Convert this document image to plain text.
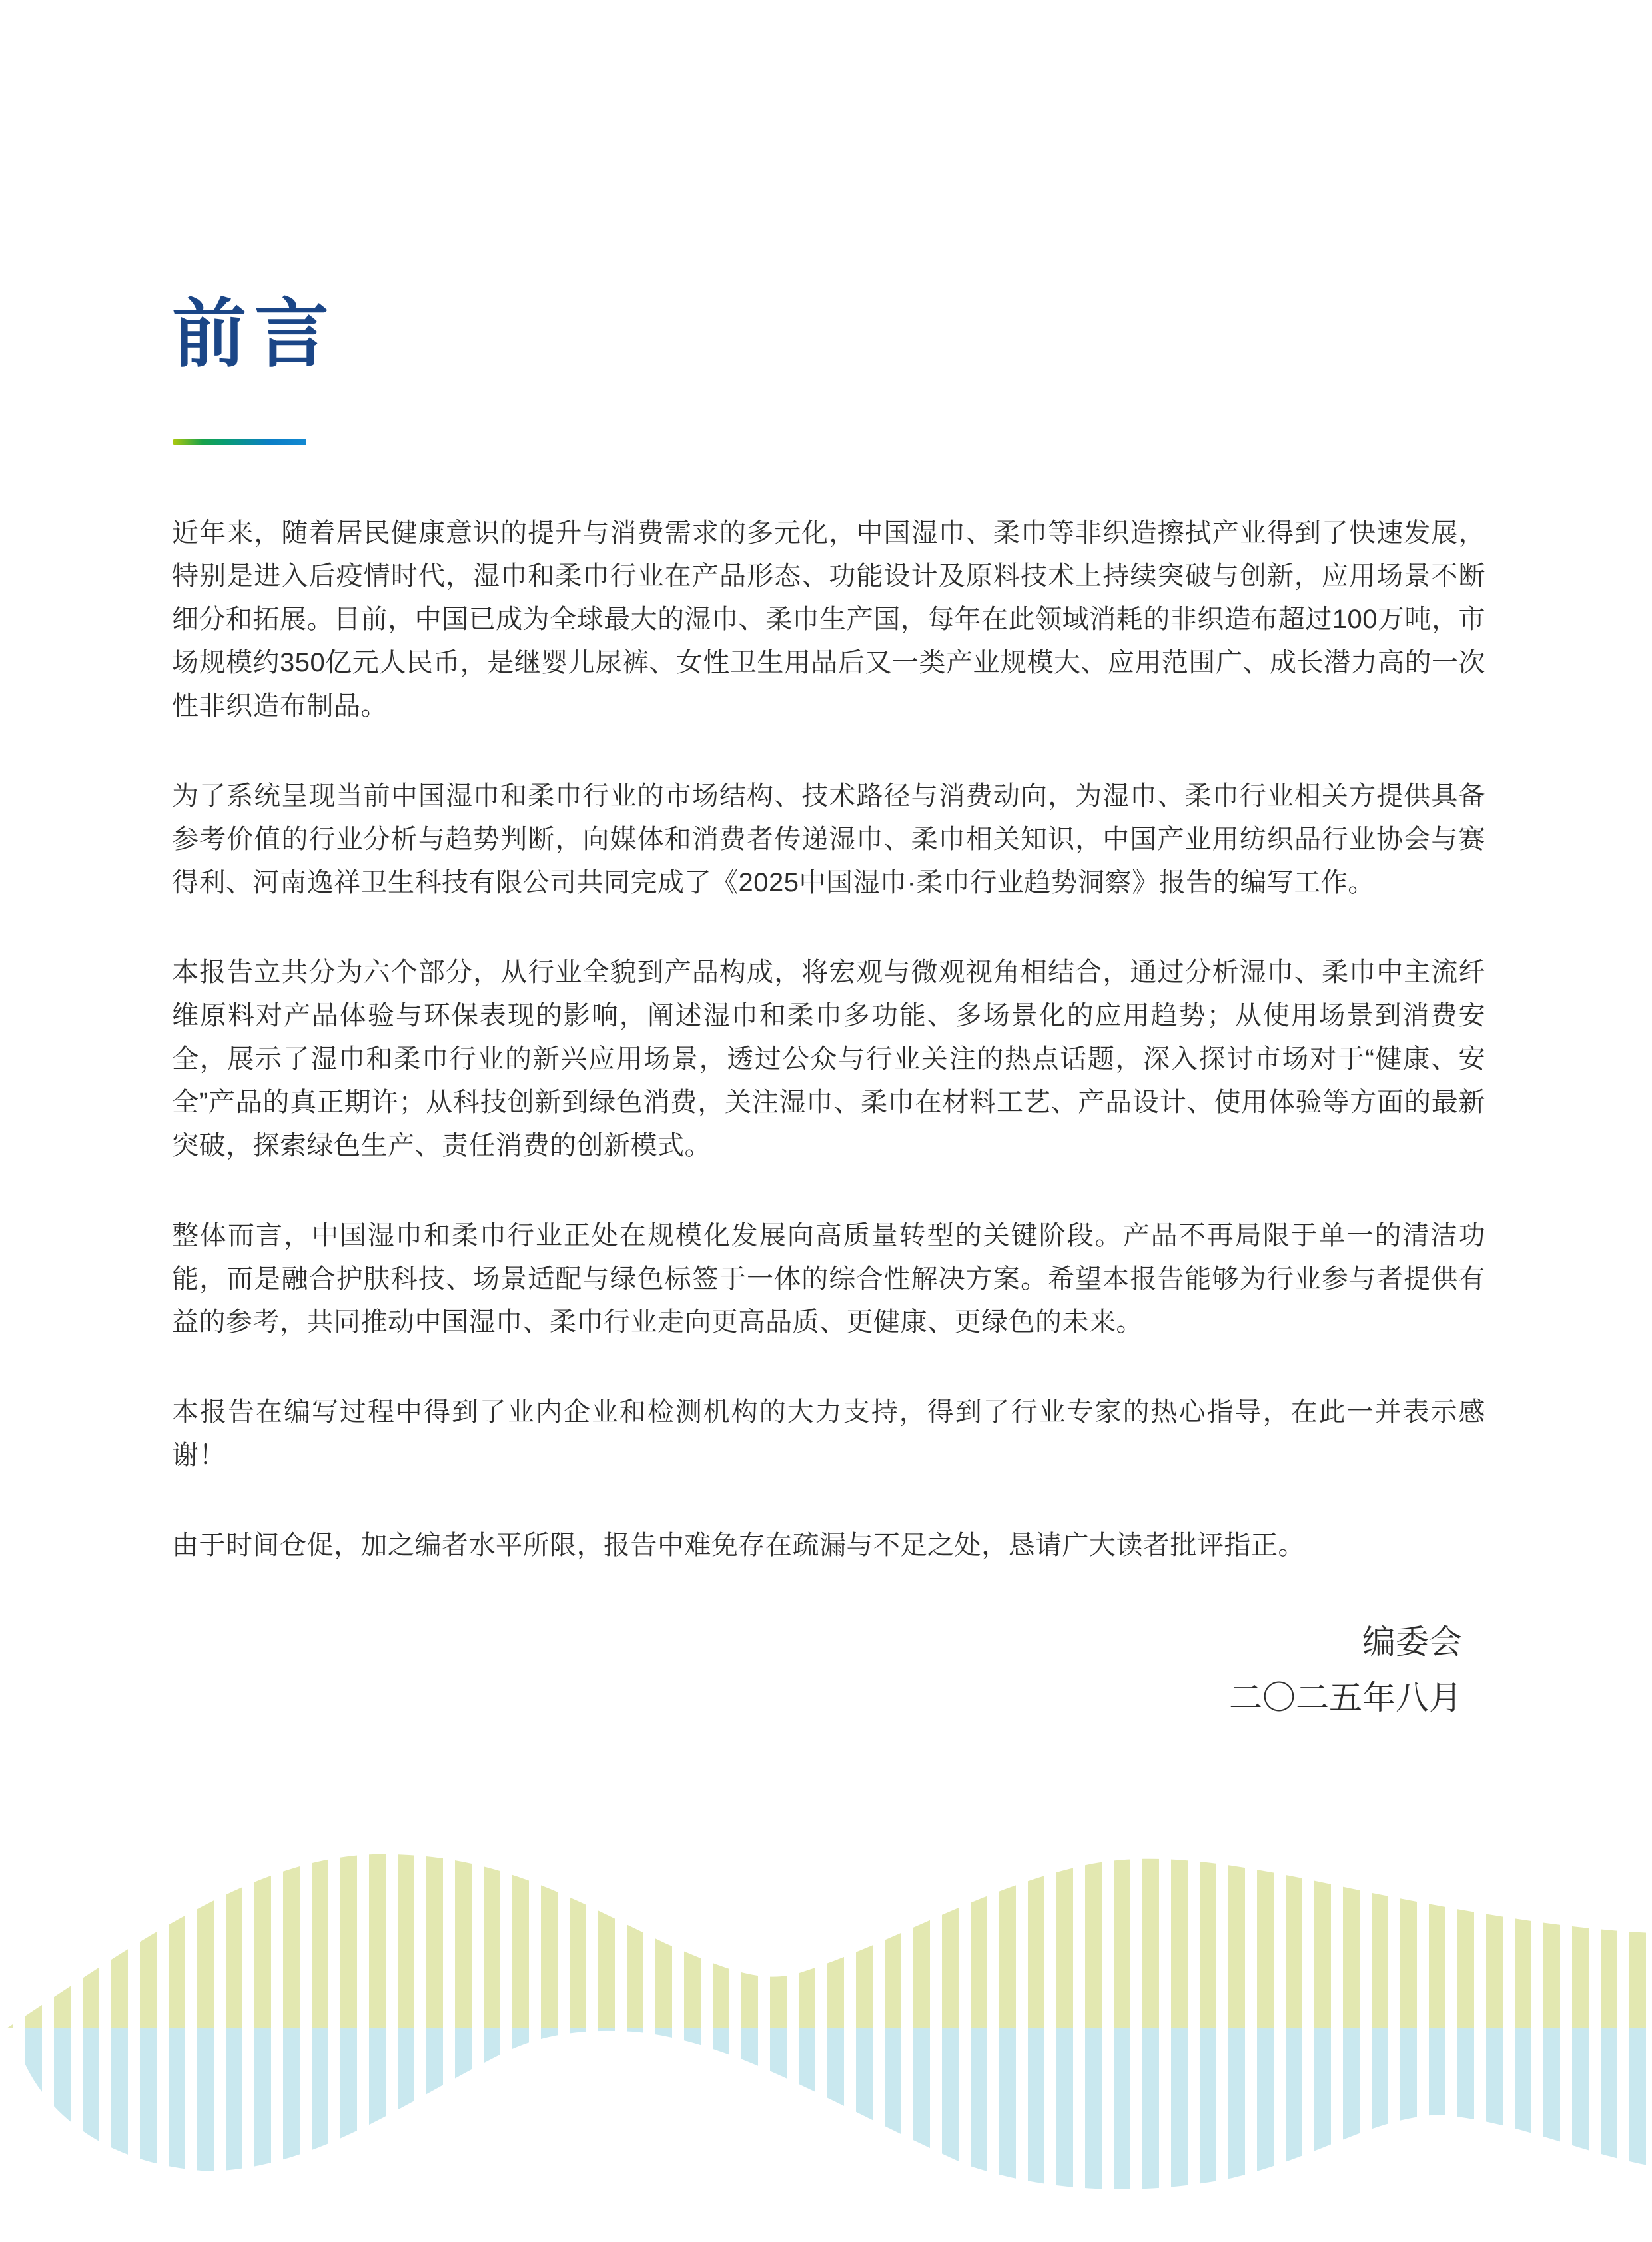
前言

近年来，随着居民健康意识的提升与消费需求的多元化，中国湿巾、柔巾等非织造擦拭产业得到了快速发展，特别是进入后疫情时代，湿巾和柔巾行业在产品形态、功能设计及原料技术上持续突破与创新，应用场景不断细分和拓展。目前，中国已成为全球最大的湿巾、柔巾生产国，每年在此领域消耗的非织造布超过100万吨，市场规模约350亿元人民币，是继婴儿尿裤、女性卫生用品后又一类产业规模大、应用范围广、成长潜力高的一次性非织造布制品。

为了系统呈现当前中国湿巾和柔巾行业的市场结构、技术路径与消费动向，为湿巾、柔巾行业相关方提供具备参考价值的行业分析与趋势判断，向媒体和消费者传递湿巾、柔巾相关知识，中国产业用纺织品行业协会与赛得利、河南逸祥卫生科技有限公司共同完成了《2025中国湿巾·柔巾行业趋势洞察》报告的编写工作。

本报告立共分为六个部分，从行业全貌到产品构成，将宏观与微观视角相结合，通过分析湿巾、柔巾中主流纤维原料对产品体验与环保表现的影响，阐述湿巾和柔巾多功能、多场景化的应用趋势；从使用场景到消费安全，展示了湿巾和柔巾行业的新兴应用场景，透过公众与行业关注的热点话题，深入探讨市场对于“健康、安全”产品的真正期许；从科技创新到绿色消费，关注湿巾、柔巾在材料工艺、产品设计、使用体验等方面的最新突破，探索绿色生产、责任消费的创新模式。

整体而言，中国湿巾和柔巾行业正处在规模化发展向高质量转型的关键阶段。产品不再局限于单一的清洁功能，而是融合护肤科技、场景适配与绿色标签于一体的综合性解决方案。希望本报告能够为行业参与者提供有益的参考，共同推动中国湿巾、柔巾行业走向更高品质、更健康、更绿色的未来。

本报告在编写过程中得到了业内企业和检测机构的大力支持，得到了行业专家的热心指导，在此一并表示感谢！

由于时间仓促，加之编者水平所限，报告中难免存在疏漏与不足之处，恳请广大读者批评指正。

编委会
二〇二五年八月
